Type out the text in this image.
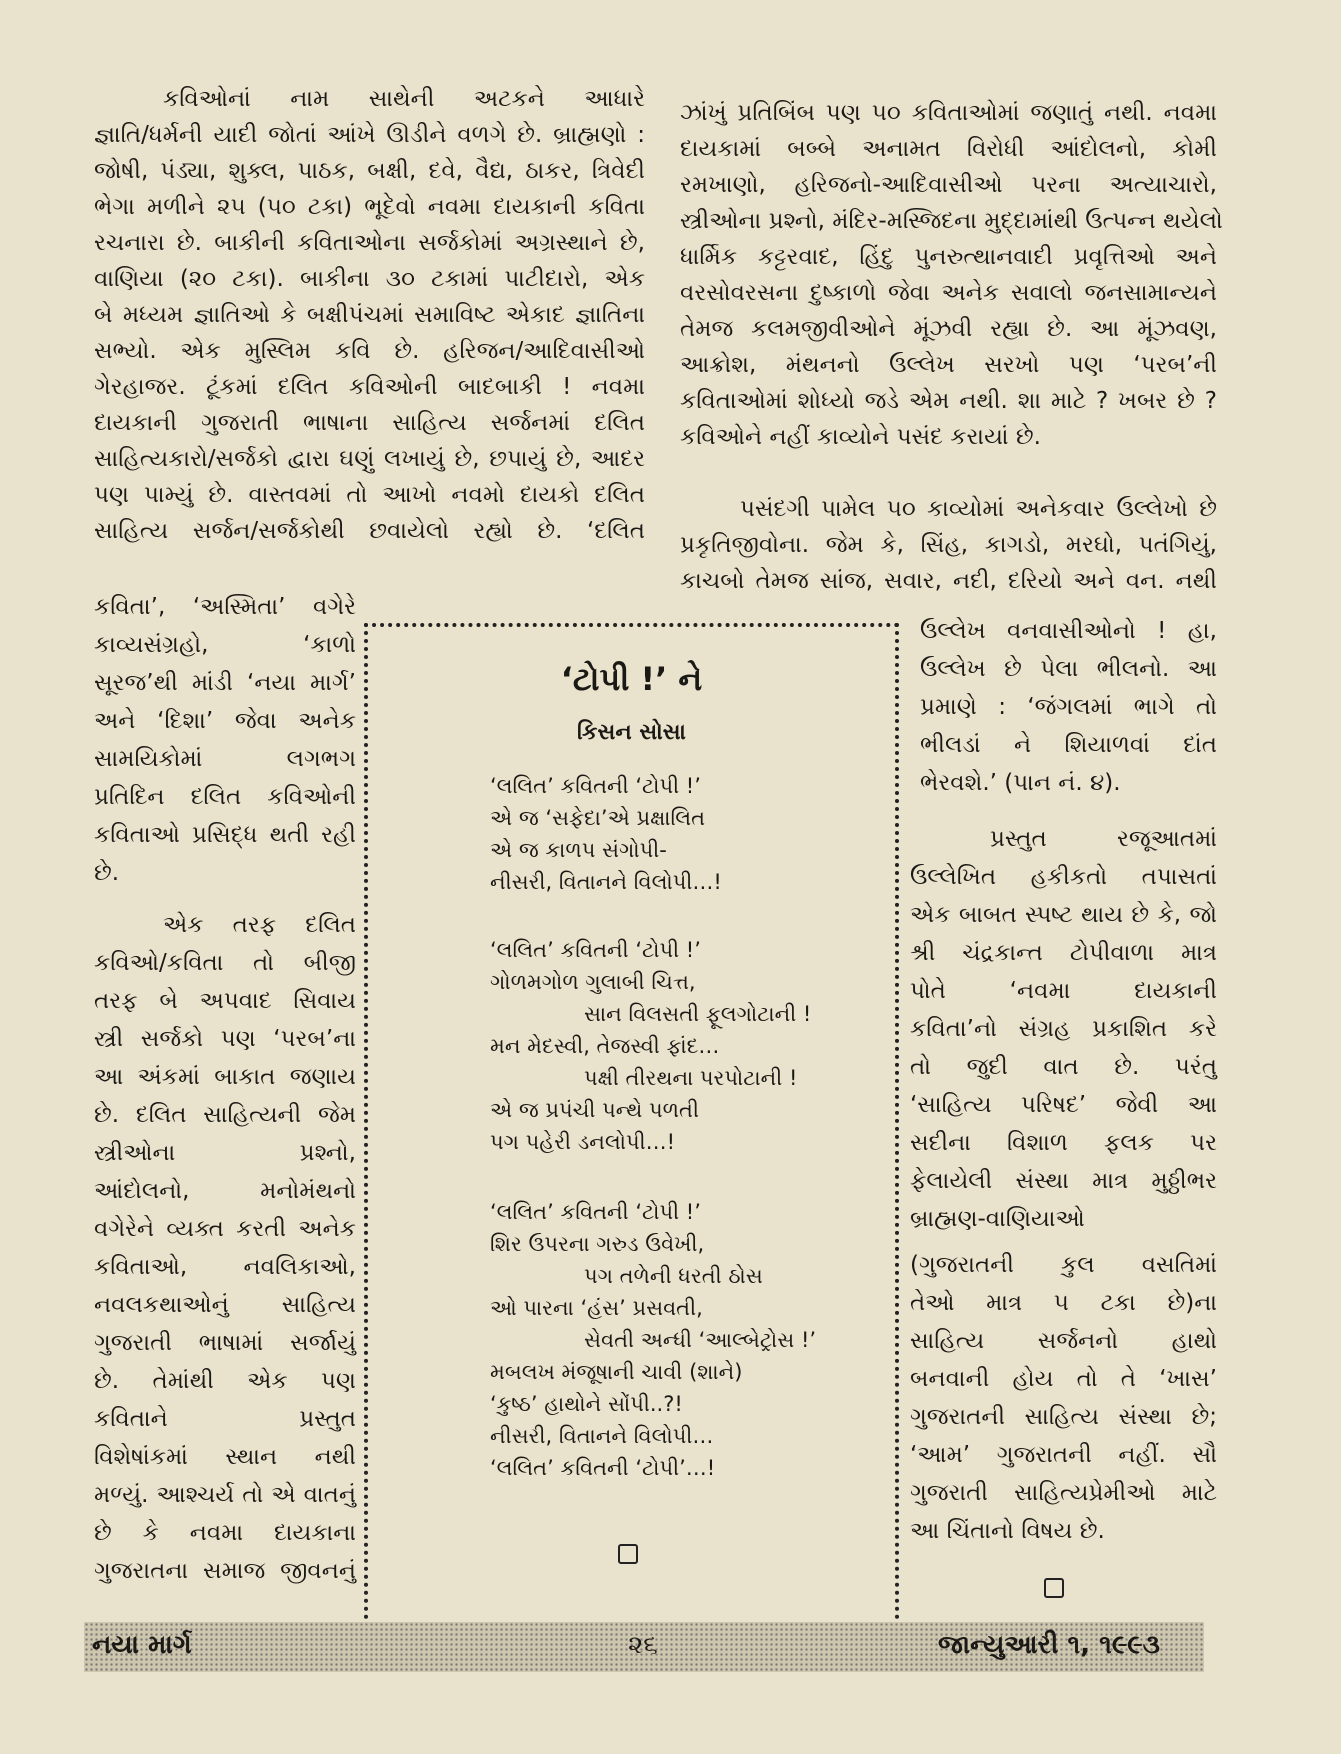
કવિઓનાં નામ સાથેની અટકને આધારે
જ્ઞાતિ/ધર્મની યાદી જોતાં આંખે ઊડીને વળગે છે. બ્રાહ્મણો :
જોષી, પંડ્યા, શુક્લ, પાઠક, બક્ષી, દવે, વૈદ્ય, ઠાકર, ત્રિવેદી
ભેગા મળીને ૨૫ (૫૦ ટકા) ભૂદેવો નવમા દાયકાની કવિતા
રચનારા છે. બાકીની કવિતાઓના સર્જકોમાં અગ્રસ્થાને છે,
વાણિયા (૨૦ ટકા). બાકીના ૩૦ ટકામાં પાટીદારો, એક
બે મધ્યમ જ્ઞાતિઓ કે બક્ષીપંચમાં સમાવિષ્ટ એકાદ જ્ઞાતિના
સભ્યો. એક મુસ્લિમ કવિ છે. હરિજન/આદિવાસીઓ
ગેરહાજર. ટૂંકમાં દલિત કવિઓની બાદબાકી ! નવમા
દાયકાની ગુજરાતી ભાષાના સાહિત્ય સર્જનમાં દલિત
સાહિત્યકારો/સર્જકો દ્વારા ઘણું લખાયું છે, છપાયું છે, આદર
પણ પામ્યું છે. વાસ્તવમાં તો આખો નવમો દાયકો દલિત
સાહિત્ય સર્જન/સર્જકોથી છવાયેલો રહ્યો છે. ‘દલિત
કવિતા’, ‘અસ્મિતા’ વગેરે
કાવ્યસંગ્રહો, ‘કાળો
સૂરજ’થી માંડી ‘નયા માર્ગ’
અને ‘દિશા’ જેવા અનેક
સામયિકોમાં લગભગ
પ્રતિદિન દલિત કવિઓની
કવિતાઓ પ્રસિદ્ધ થતી રહી
છે.
એક તરફ દલિત
કવિઓ/કવિતા તો બીજી
તરફ બે અપવાદ સિવાય
સ્ત્રી સર્જકો પણ ‘પરબ’ના
આ અંકમાં બાકાત જણાય
છે. દલિત સાહિત્યની જેમ
સ્ત્રીઓના પ્રશ્નો,
આંદોલનો, મનોમંથનો
વગેરેને વ્યક્ત કરતી અનેક
કવિતાઓ, નવલિકાઓ,
નવલકથાઓનું સાહિત્ય
ગુજરાતી ભાષામાં સર્જાયું
છે. તેમાંથી એક પણ
કવિતાને પ્રસ્તુત
વિશેષાંકમાં સ્થાન નથી
મળ્યું. આશ્ચર્ય તો એ વાતનું
છે કે નવમા દાયકાના
ગુજરાતના સમાજ જીવનનું
ઝાંખું પ્રતિબિંબ પણ ૫૦ કવિતાઓમાં જણાતું નથી. નવમા
દાયકામાં બબ્બે અનામત વિરોધી આંદોલનો, કોમી
રમખાણો, હરિજનો-આદિવાસીઓ પરના અત્યાચારો,
સ્ત્રીઓના પ્રશ્નો, મંદિર-મસ્જિદના મુદ્દામાંથી ઉત્પન્ન થયેલો
ધાર્મિક કટ્ટરવાદ, હિંદુ પુનરુત્થાનવાદી પ્રવૃત્તિઓ અને
વરસોવરસના દુષ્કાળો જેવા અનેક સવાલો જનસામાન્યને
તેમજ કલમજીવીઓને મૂંઝવી રહ્યા છે. આ મૂંઝવણ,
આક્રોશ, મંથનનો ઉલ્લેખ સરખો પણ ‘પરબ’ની
કવિતાઓમાં શોધ્યો જડે એમ નથી. શા માટે ? ખબર છે ?
કવિઓને નહીં કાવ્યોને પસંદ કરાયાં છે.
પસંદગી પામેલ ૫૦ કાવ્યોમાં અનેકવાર ઉલ્લેખો છે
પ્રકૃતિજીવોના. જેમ કે, સિંહ, કાગડો, મરઘો, પતંગિયું,
કાચબો તેમજ સાંજ, સવાર, નદી, દરિયો અને વન. નથી
ઉલ્લેખ વનવાસીઓનો ! હા,
ઉલ્લેખ છે પેલા ભીલનો. આ
પ્રમાણે : ‘જંગલમાં ભાગે તો
ભીલડાં ને શિયાળવાં દાંત
ભેરવશે.’ (પાન નં. ૪).
પ્રસ્તુત રજૂઆતમાં
ઉલ્લેખિત હકીકતો તપાસતાં
એક બાબત સ્પષ્ટ થાય છે કે, જો
શ્રી ચંદ્રકાન્ત ટોપીવાળા માત્ર
પોતે ‘નવમા દાયકાની
કવિતા’નો સંગ્રહ પ્રકાશિત કરે
તો જુદી વાત છે. પરંતુ
‘સાહિત્ય પરિષદ’ જેવી આ
સદીના વિશાળ ફલક પર
ફેલાયેલી સંસ્થા માત્ર મુઠ્ઠીભર
બ્રાહ્મણ-વાણિયાઓ
(ગુજરાતની કુલ વસતિમાં
તેઓ માત્ર ૫ ટકા છે)ના
સાહિત્ય સર્જનનો હાથો
બનવાની હોય તો તે ‘ખાસ’
ગુજરાતની સાહિત્ય સંસ્થા છે;
‘આમ’ ગુજરાતની નહીં. સૌ
ગુજરાતી સાહિત્યપ્રેમીઓ માટે
આ ચિંતાનો વિષય છે.
‘ટોપી !’ ને
કિસન સોસા
‘લલિત’ કવિતની ‘ટોપી !’
એ જ ‘સફેદા’એ પ્રક્ષાલિત
એ જ કાળપ સંગોપી-
નીસરી, વિતાનને વિલોપી…!
‘લલિત’ કવિતની ‘ટોપી !’
ગોળમગોળ ગુલાબી ચિત્ત,
સાન વિલસતી ફૂલગોટાની !
મન મેદસ્વી, તેજસ્વી ફાંદ…
પક્ષી તીરથના પરપોટાની !
એ જ પ્રપંચી પન્થે પળતી
પગ પહેરી ડનલોપી…!
‘લલિત’ કવિતની ‘ટોપી !’
શિર ઉપરના ગરુડ ઉવેખી,
પગ તળેની ધરતી ઠોસ
ઓ પારના ‘હંસ’ પ્રસવતી,
સેવતી અન્ધી ‘આલ્બેટ્રોસ !’
મબલખ મંજૂષાની ચાવી (શાને)
‘કુષ્ઠ’ હાથોને સોંપી..?!
નીસરી, વિતાનને વિલોપી…
‘લલિત’ કવિતની ‘ટોપી’…!
નયા માર્ગ	૨૬	જાન્યુઆરી ૧, ૧૯૯૩
